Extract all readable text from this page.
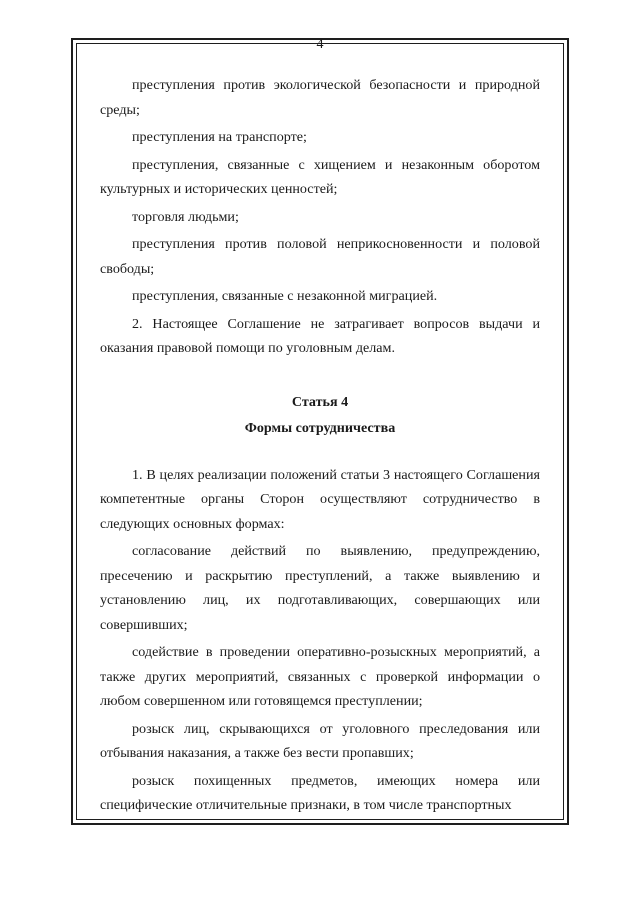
4

преступления против экологической безопасности и природной среды;

преступления на транспорте;

преступления, связанные с хищением и незаконным оборотом культурных и исторических ценностей;

торговля людьми;

преступления против половой неприкосновенности и половой свободы;

преступления, связанные с незаконной миграцией.

2. Настоящее Соглашение не затрагивает вопросов выдачи и оказания правовой помощи по уголовным делам.

Статья 4
Формы сотрудничества

1. В целях реализации положений статьи 3 настоящего Соглашения компетентные органы Сторон осуществляют сотрудничество в следующих основных формах:

согласование действий по выявлению, предупреждению, пресечению и раскрытию преступлений, а также выявлению и установлению лиц, их подготавливающих, совершающих или совершивших;

содействие в проведении оперативно-розыскных мероприятий, а также других мероприятий, связанных с проверкой информации о любом совершенном или готовящемся преступлении;

розыск лиц, скрывающихся от уголовного преследования или отбывания наказания, а также без вести пропавших;

розыск похищенных предметов, имеющих номера или специфические отличительные признаки, в том числе транспортных
